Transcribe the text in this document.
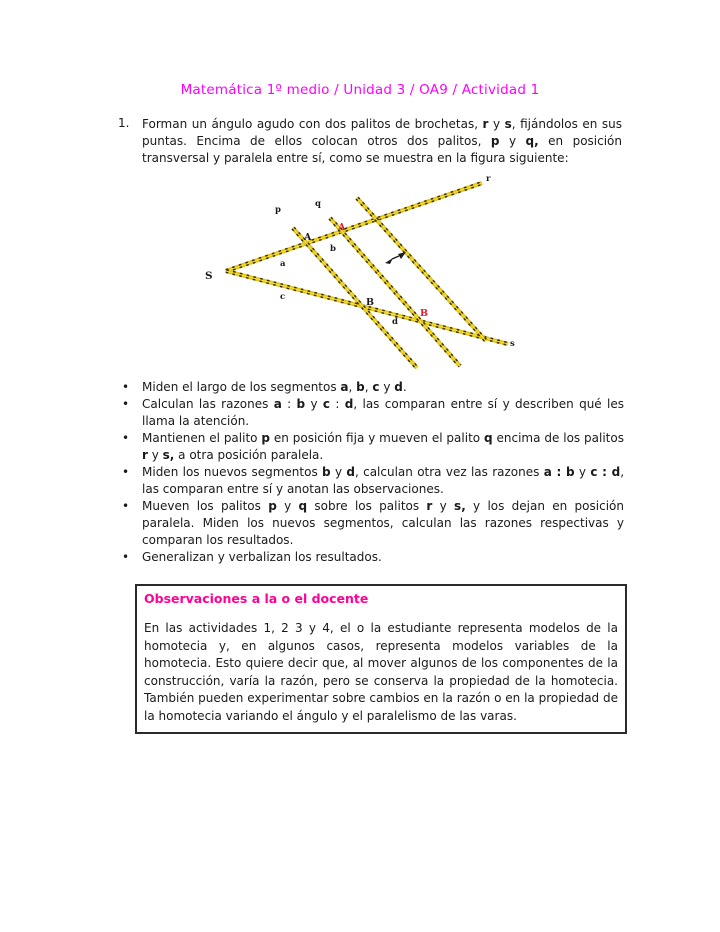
Matemática 1º medio / Unidad 3 / OA9 / Actividad 1
1. Forman un ángulo agudo con dos palitos de brochetas, r y s, fijándolos en sus puntas. Encima de ellos colocan otros dos palitos, p y q, en posición transversal y paralela entre sí, como se muestra en la figura siguiente:
S
r
s
p
q
A
A
B
B
a
b
c
d
• Miden el largo de los segmentos a, b, c y d.
• Calculan las razones a : b y c : d, las comparan entre sí y describen qué les llama la atención.
• Mantienen el palito p en posición fija y mueven el palito q encima de los palitos r y s, a otra posición paralela.
• Miden los nuevos segmentos b y d, calculan otra vez las razones a : b y c : d, las comparan entre sí y anotan las observaciones.
• Mueven los palitos p y q sobre los palitos r y s, y los dejan en posición paralela. Miden los nuevos segmentos, calculan las razones respectivas y comparan los resultados.
• Generalizan y verbalizan los resultados.

Observaciones a la o el docente

En las actividades 1, 2 3 y 4, el o la estudiante representa modelos de la homotecia y, en algunos casos, representa modelos variables de la homotecia. Esto quiere decir que, al mover algunos de los componentes de la construcción, varía la razón, pero se conserva la propiedad de la homotecia. También pueden experimentar sobre cambios en la razón o en la propiedad de la homotecia variando el ángulo y el paralelismo de las varas.
